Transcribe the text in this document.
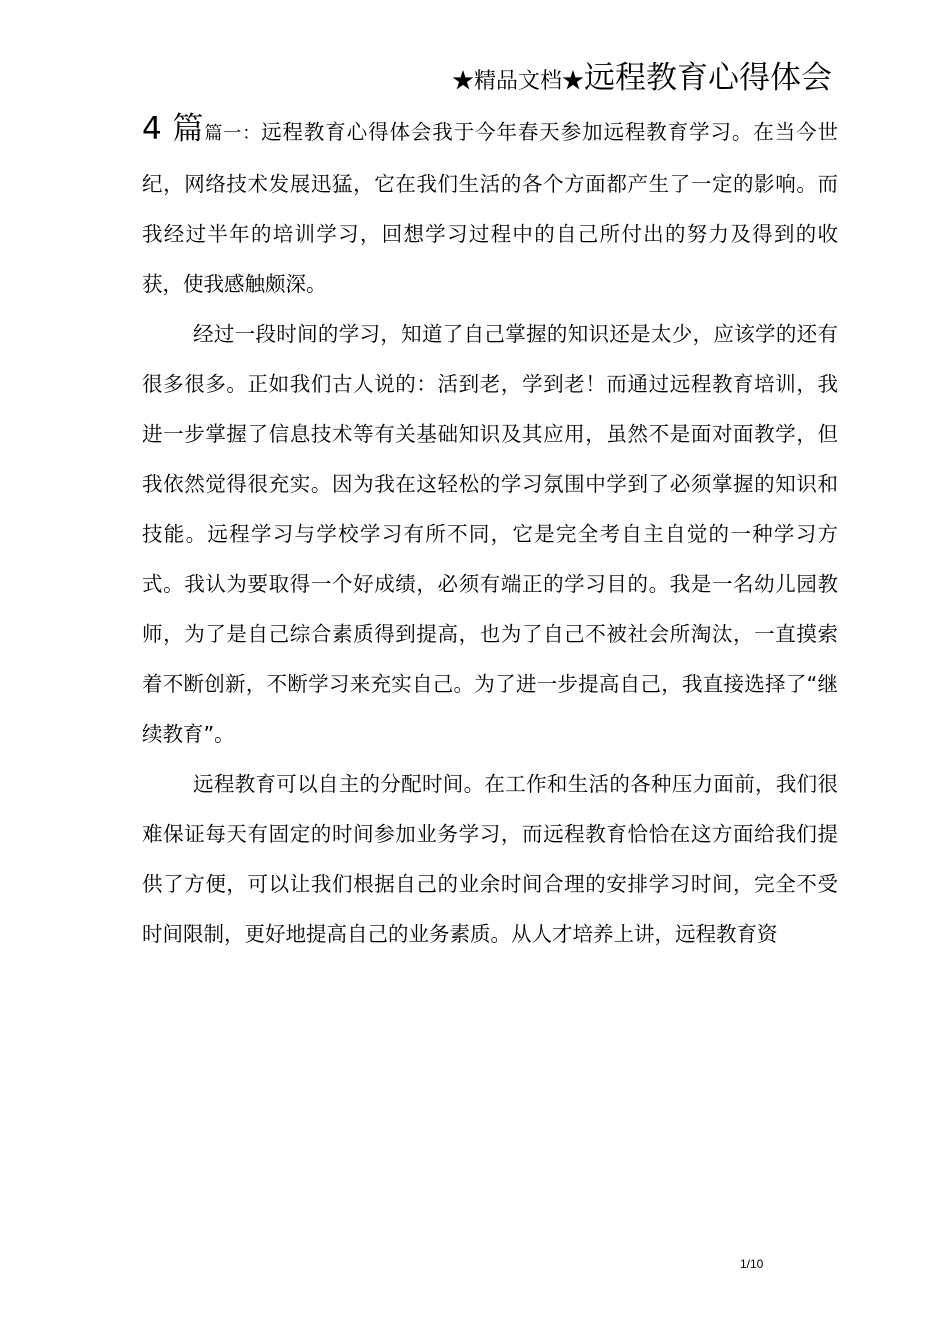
★精品文档★远程教育心得体会

4 篇篇一：远程教育心得体会我于今年春天参加远程教育学习。在当今世纪，网络技术发展迅猛，它在我们生活的各个方面都产生了一定的影响。而我经过半年的培训学习，回想学习过程中的自己所付出的努力及得到的收获，使我感触颇深。

经过一段时间的学习，知道了自己掌握的知识还是太少，应该学的还有很多很多。正如我们古人说的：活到老，学到老！而通过远程教育培训，我进一步掌握了信息技术等有关基础知识及其应用，虽然不是面对面教学，但我依然觉得很充实。因为我在这轻松的学习氛围中学到了必须掌握的知识和技能。远程学习与学校学习有所不同，它是完全考自主自觉的一种学习方式。我认为要取得一个好成绩，必须有端正的学习目的。我是一名幼儿园教师，为了是自己综合素质得到提高，也为了自己不被社会所淘汰，一直摸索着不断创新，不断学习来充实自己。为了进一步提高自己，我直接选择了“继续教育”。

远程教育可以自主的分配时间。在工作和生活的各种压力面前，我们很难保证每天有固定的时间参加业务学习，而远程教育恰恰在这方面给我们提供了方便，可以让我们根据自己的业余时间合理的安排学习时间，完全不受时间限制，更好地提高自己的业务素质。从人才培养上讲，远程教育资

1/10
